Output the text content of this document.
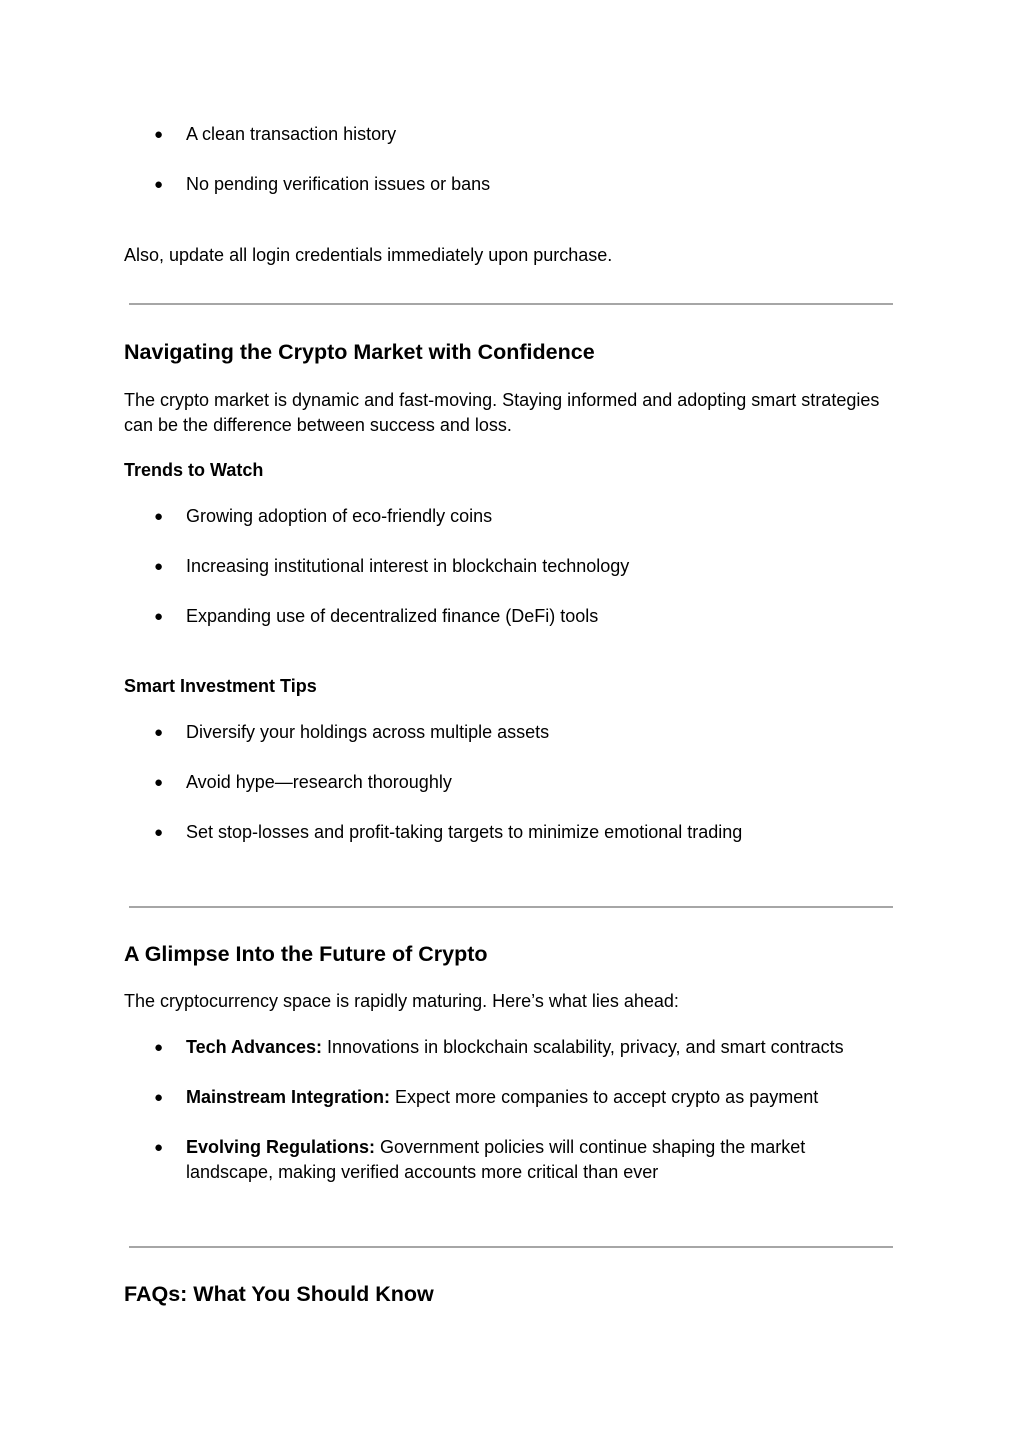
● A clean transaction history
● No pending verification issues or bans

Also, update all login credentials immediately upon purchase.

Navigating the Crypto Market with Confidence

The crypto market is dynamic and fast-moving. Staying informed and adopting smart strategies can be the difference between success and loss.

Trends to Watch
● Growing adoption of eco-friendly coins
● Increasing institutional interest in blockchain technology
● Expanding use of decentralized finance (DeFi) tools
Smart Investment Tips
● Diversify your holdings across multiple assets
● Avoid hype—research thoroughly
● Set stop-losses and profit-taking targets to minimize emotional trading
A Glimpse Into the Future of Crypto

The cryptocurrency space is rapidly maturing. Here’s what lies ahead:

● Tech Advances: Innovations in blockchain scalability, privacy, and smart contracts
● Mainstream Integration: Expect more companies to accept crypto as payment
● Evolving Regulations: Government policies will continue shaping the market landscape, making verified accounts more critical than ever
FAQs: What You Should Know
